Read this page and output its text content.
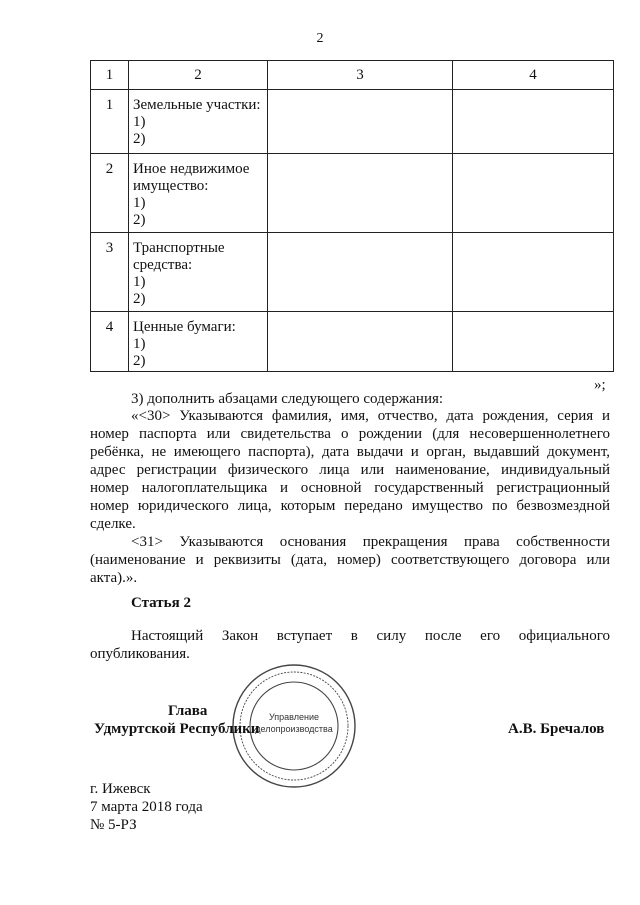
2
1	2	3	4
1	Земельные участки:
1)
2)		

2	Иное недвижимое
имущество:
1)
2)		

3	Транспортные
средства:
1)
2)		

4	Ценные бумаги:
1)
2)		

»;
3) дополнить абзацами следующего содержания:
«<30> Указываются фамилия, имя, отчество, дата рождения, серия и
номер паспорта или свидетельства о рождении (для несовершеннолетнего
ребёнка, не имеющего паспорта), дата выдачи и орган, выдавший документ,
адрес регистрации физического лица или наименование, индивидуальный
номер налогоплательщика и основной государственный регистрационный
номер юридического лица, которым передано имущество по безвозмездной
сделке.
<31> Указываются основания прекращения права собственности
(наименование и реквизиты (дата, номер) соответствующего договора или
акта).».
Статья 2
Настоящий Закон вступает в силу после его официального
опубликования.
Управление
делопроизводства
Глава
Удмуртской Республики	А.В. Бречалов
г. Ижевск
7 марта 2018 года
№ 5-РЗ
